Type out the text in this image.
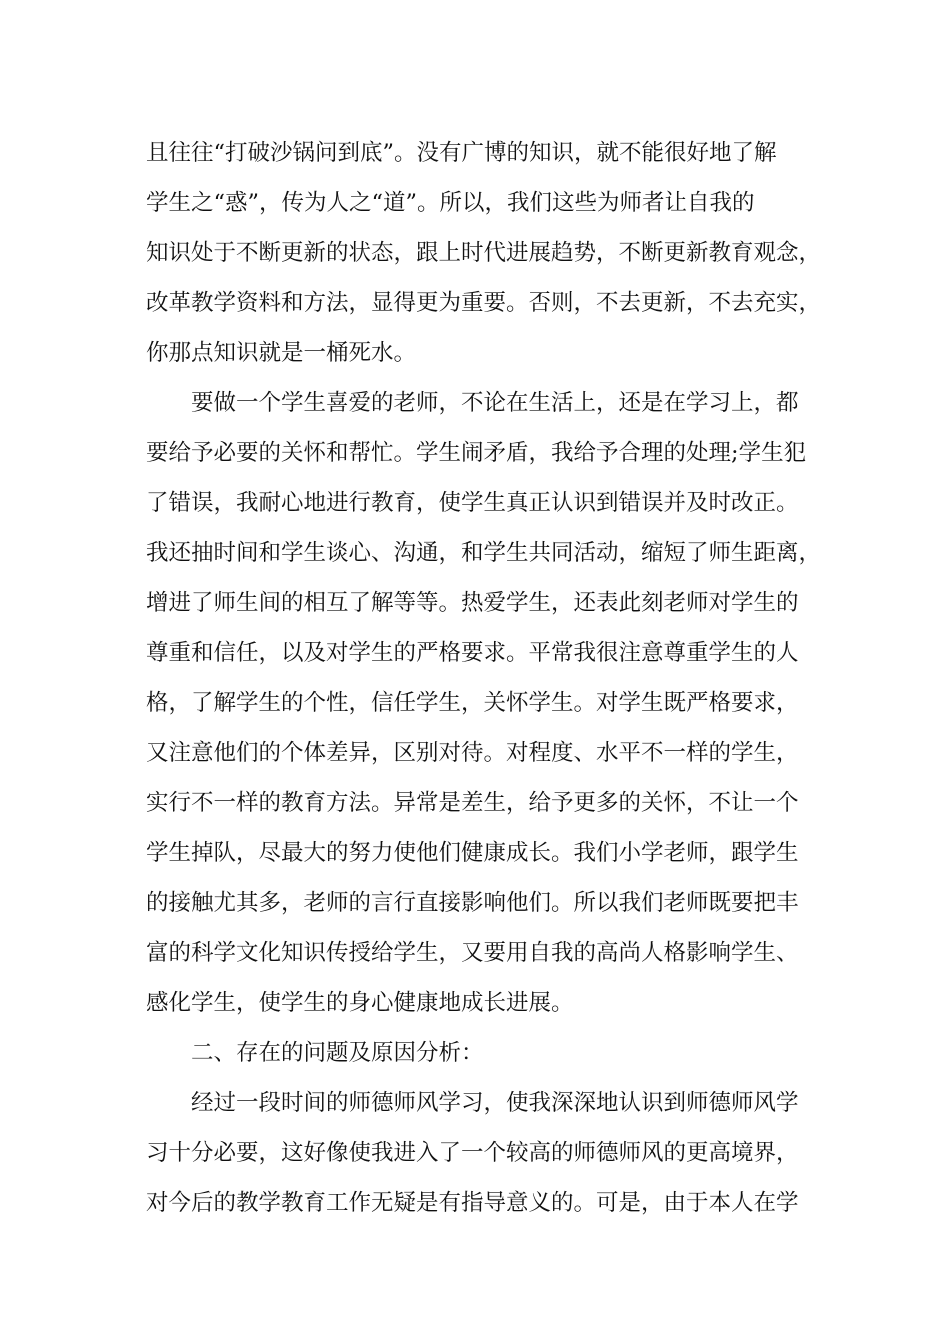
且往往“打破沙锅问到底”。没有广博的知识，就不能很好地了解
学生之“惑”，传为人之“道”。所以，我们这些为师者让自我的
知识处于不断更新的状态，跟上时代进展趋势，不断更新教育观念，
改革教学资料和方法，显得更为重要。否则，不去更新，不去充实，
你那点知识就是一桶死水。
要做一个学生喜爱的老师，不论在生活上，还是在学习上，都
要给予必要的关怀和帮忙。学生闹矛盾，我给予合理的处理;学生犯
了错误，我耐心地进行教育，使学生真正认识到错误并及时改正。
我还抽时间和学生谈心、沟通，和学生共同活动，缩短了师生距离，
增进了师生间的相互了解等等。热爱学生，还表此刻老师对学生的
尊重和信任，以及对学生的严格要求。平常我很注意尊重学生的人
格，了解学生的个性，信任学生，关怀学生。对学生既严格要求，
又注意他们的个体差异，区别对待。对程度、水平不一样的学生，
实行不一样的教育方法。异常是差生，给予更多的关怀，不让一个
学生掉队，尽最大的努力使他们健康成长。我们小学老师，跟学生
的接触尤其多，老师的言行直接影响他们。所以我们老师既要把丰
富的科学文化知识传授给学生，又要用自我的高尚人格影响学生、
感化学生，使学生的身心健康地成长进展。
二、存在的问题及原因分析：
经过一段时间的师德师风学习，使我深深地认识到师德师风学
习十分必要，这好像使我进入了一个较高的师德师风的更高境界，
对今后的教学教育工作无疑是有指导意义的。可是，由于本人在学
